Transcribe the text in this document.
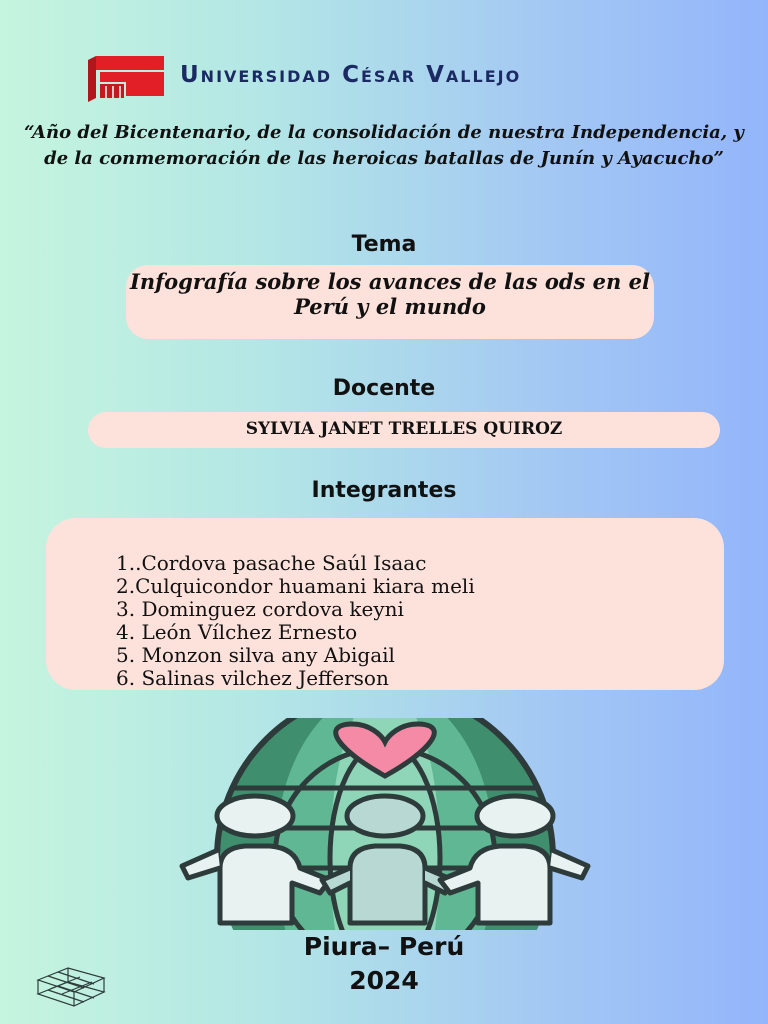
Universidad César Vallejo
“Año del Bicentenario, de la consolidación de nuestra Independencia, y de la conmemoración de las heroicas batallas de Junín y Ayacucho”
Tema
Infografía sobre los avances de las ods en el Perú y el mundo
Docente
SYLVIA JANET TRELLES QUIROZ
Integrantes
1..Cordova pasache Saúl Isaac
2.Culquicondor huamani kiara meli
3. Dominguez cordova keyni
4. León Vílchez Ernesto
5. Monzon silva any Abigail
6. Salinas vilchez Jefferson
Piura– Perú
2024
